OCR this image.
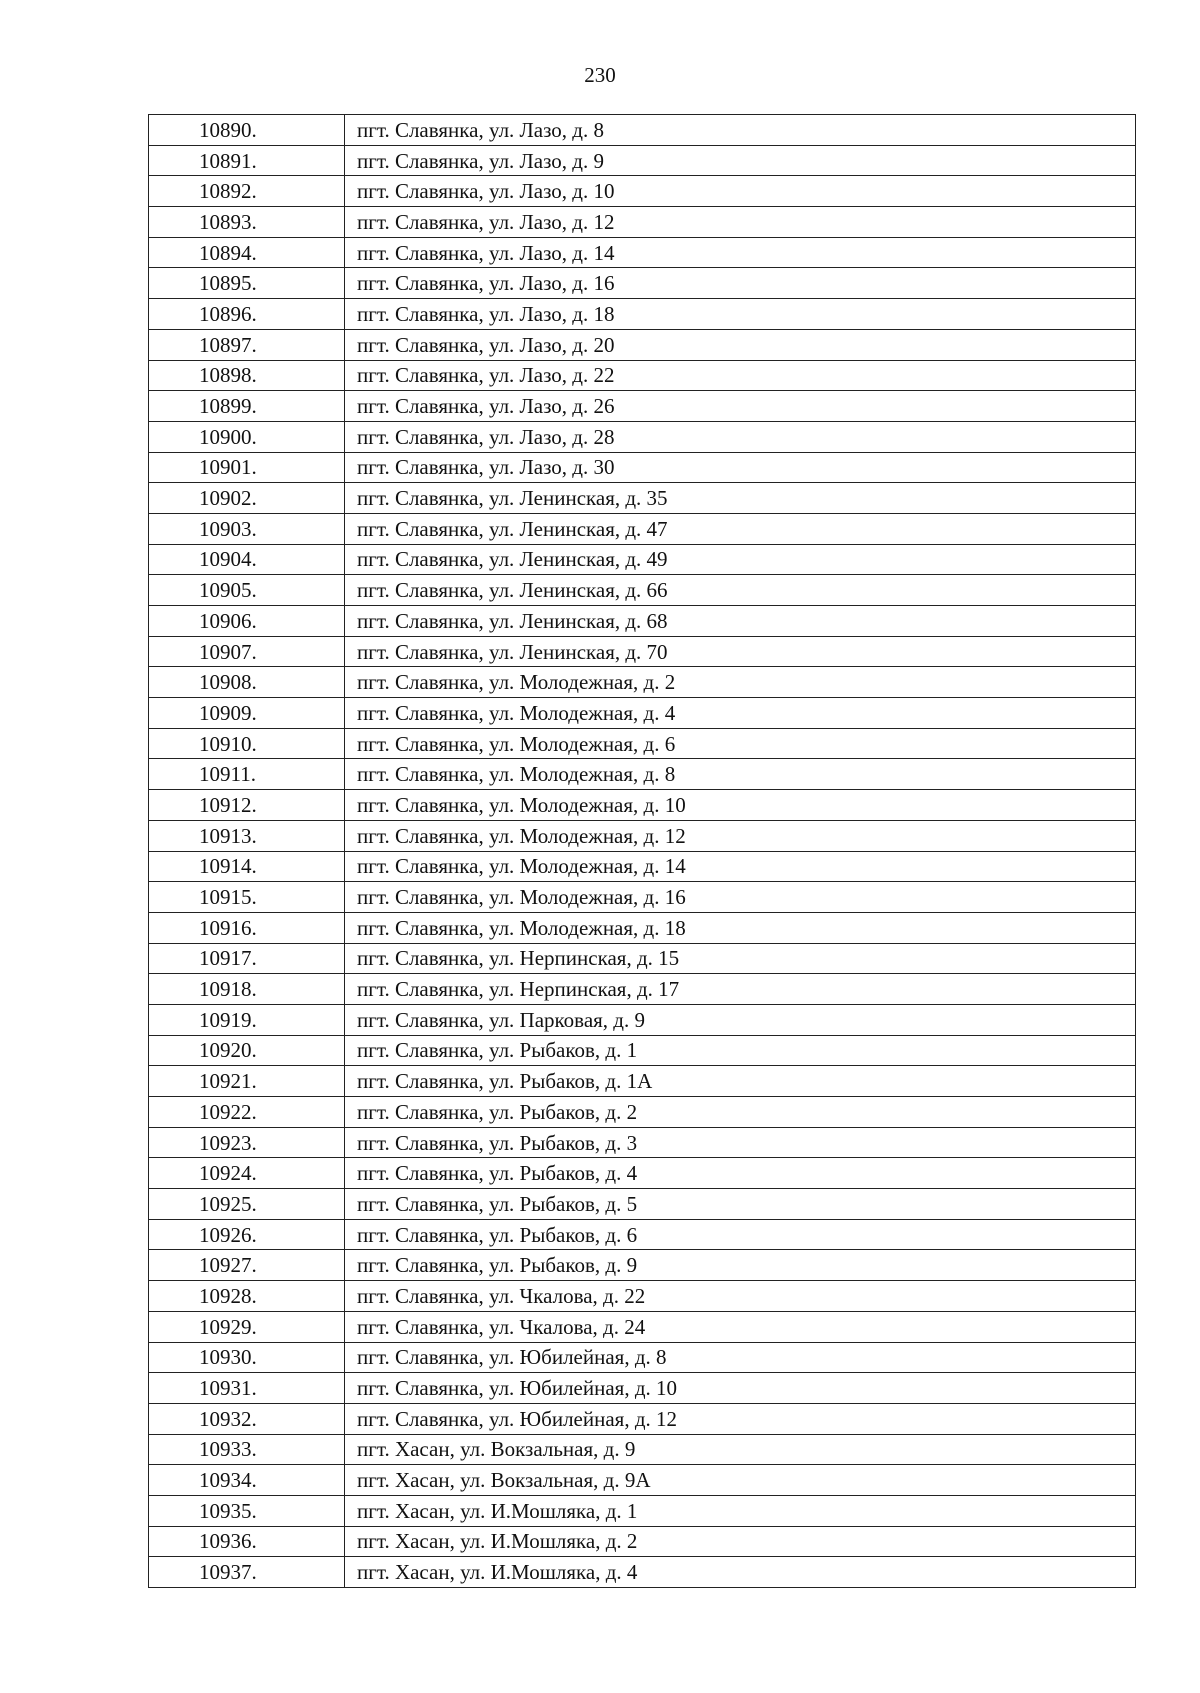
230
10890.	пгт. Славянка, ул. Лазо, д. 8
10891.	пгт. Славянка, ул. Лазо, д. 9
10892.	пгт. Славянка, ул. Лазо, д. 10
10893.	пгт. Славянка, ул. Лазо, д. 12
10894.	пгт. Славянка, ул. Лазо, д. 14
10895.	пгт. Славянка, ул. Лазо, д. 16
10896.	пгт. Славянка, ул. Лазо, д. 18
10897.	пгт. Славянка, ул. Лазо, д. 20
10898.	пгт. Славянка, ул. Лазо, д. 22
10899.	пгт. Славянка, ул. Лазо, д. 26
10900.	пгт. Славянка, ул. Лазо, д. 28
10901.	пгт. Славянка, ул. Лазо, д. 30
10902.	пгт. Славянка, ул. Ленинская, д. 35
10903.	пгт. Славянка, ул. Ленинская, д. 47
10904.	пгт. Славянка, ул. Ленинская, д. 49
10905.	пгт. Славянка, ул. Ленинская, д. 66
10906.	пгт. Славянка, ул. Ленинская, д. 68
10907.	пгт. Славянка, ул. Ленинская, д. 70
10908.	пгт. Славянка, ул. Молодежная, д. 2
10909.	пгт. Славянка, ул. Молодежная, д. 4
10910.	пгт. Славянка, ул. Молодежная, д. 6
10911.	пгт. Славянка, ул. Молодежная, д. 8
10912.	пгт. Славянка, ул. Молодежная, д. 10
10913.	пгт. Славянка, ул. Молодежная, д. 12
10914.	пгт. Славянка, ул. Молодежная, д. 14
10915.	пгт. Славянка, ул. Молодежная, д. 16
10916.	пгт. Славянка, ул. Молодежная, д. 18
10917.	пгт. Славянка, ул. Нерпинская, д. 15
10918.	пгт. Славянка, ул. Нерпинская, д. 17
10919.	пгт. Славянка, ул. Парковая, д. 9
10920.	пгт. Славянка, ул. Рыбаков, д. 1
10921.	пгт. Славянка, ул. Рыбаков, д. 1А
10922.	пгт. Славянка, ул. Рыбаков, д. 2
10923.	пгт. Славянка, ул. Рыбаков, д. 3
10924.	пгт. Славянка, ул. Рыбаков, д. 4
10925.	пгт. Славянка, ул. Рыбаков, д. 5
10926.	пгт. Славянка, ул. Рыбаков, д. 6
10927.	пгт. Славянка, ул. Рыбаков, д. 9
10928.	пгт. Славянка, ул. Чкалова, д. 22
10929.	пгт. Славянка, ул. Чкалова, д. 24
10930.	пгт. Славянка, ул. Юбилейная, д. 8
10931.	пгт. Славянка, ул. Юбилейная, д. 10
10932.	пгт. Славянка, ул. Юбилейная, д. 12
10933.	пгт. Хасан, ул. Вокзальная, д. 9
10934.	пгт. Хасан, ул. Вокзальная, д. 9А
10935.	пгт. Хасан, ул. И.Мошляка, д. 1
10936.	пгт. Хасан, ул. И.Мошляка, д. 2
10937.	пгт. Хасан, ул. И.Мошляка, д. 4
